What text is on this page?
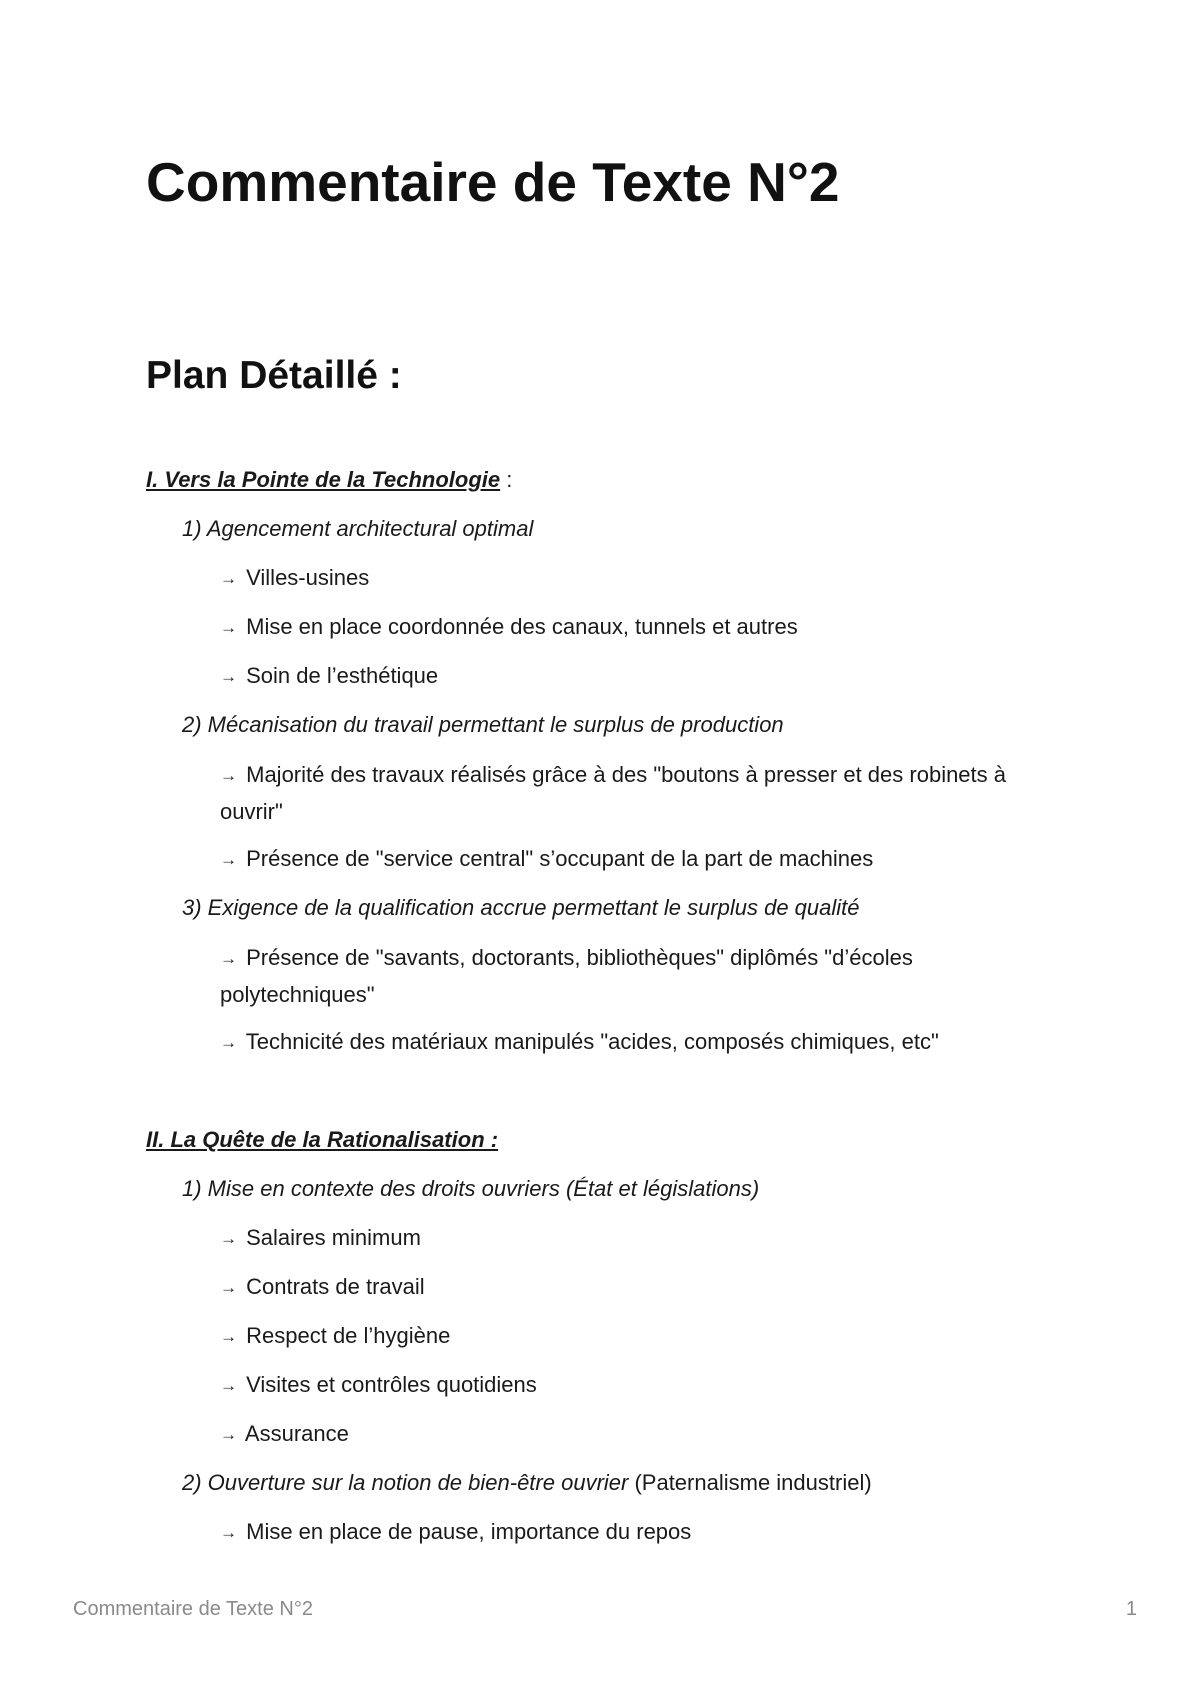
Commentaire de Texte N°2
Plan Détaillé :

I. Vers la Pointe de la Technologie :

1) Agencement architectural optimal

→ Villes-usines

→ Mise en place coordonnée des canaux, tunnels et autres

→ Soin de l’esthétique

2) Mécanisation du travail permettant le surplus de production

→ Majorité des travaux réalisés grâce à des "boutons à presser et des robinets à ouvrir"

→ Présence de "service central" s’occupant de la part de machines

3) Exigence de la qualification accrue permettant le surplus de qualité

→ Présence de "savants, doctorants, bibliothèques" diplômés "d’écoles polytechniques"

→ Technicité des matériaux manipulés "acides, composés chimiques, etc"

II. La Quête de la Rationalisation :

1) Mise en contexte des droits ouvriers (État et législations)

→ Salaires minimum

→ Contrats de travail

→ Respect de l’hygiène

→ Visites et contrôles quotidiens

→ Assurance

2) Ouverture sur la notion de bien-être ouvrier (Paternalisme industriel)

→ Mise en place de pause, importance du repos

Commentaire de Texte N°2	1
